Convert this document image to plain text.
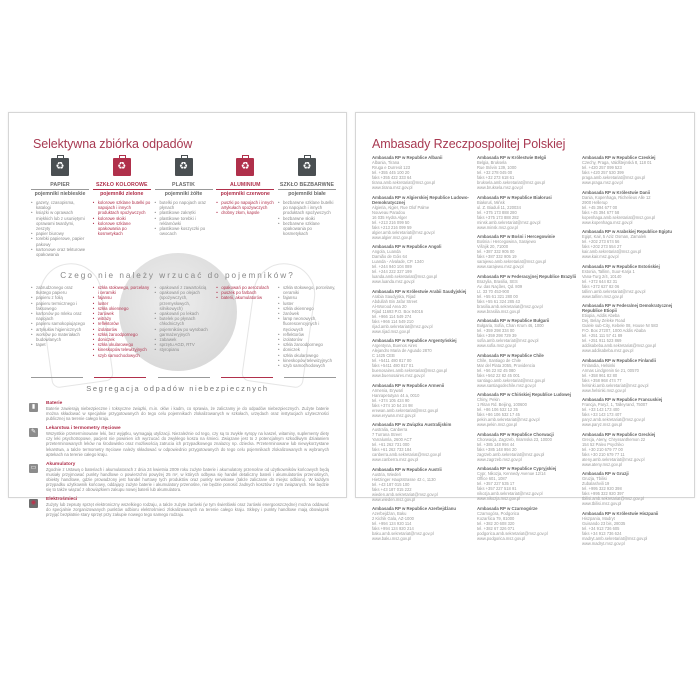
Selektywna zbiórka odpadów
♻
PAPIER
pojemniki niebieskie
• gazety, czasopisma, katalogi
• książki w oprawach miękkich lub z usuniętymi oprawami twardymi, zeszyty
• papier biurowy
• torebki papierowe, papier pakowy
• kartonowe oraz tekturowe opakowania
♻
SZKŁO KOLOROWE
pojemniki zielone
• kolorowe szklane butelki po napojach i innych produktach spożywczych
• kolorowe słoiki
• kolorowe szklane opakowania po kosmetykach
♻
PLASTIK
pojemniki żółte
• butelki po napojach oraz płynach
• plastikowe zakrętki
• plastikowe torebki i reklamówki
• plastikowe koszyczki po owocach
♻
ALUMINIUM
pojemniki czerwone
• puszki po napojach i innych artykułach spożywczych
• drobny złom, kapsle
♻
SZKŁO BEZBARWNE
pojemniki białe
• bezbarwne szklane butelki po napojach i innych produktach spożywczych
• bezbarwne słoiki
• bezbarwne szklane opakowania po kosmetykach
Czego nie należy wrzucać do pojemników?
• zabrudzonego oraz tłustego papieru
• papieru z folią
• papieru termicznego i faksowego
• kartonów po mleku oraz napojach
• papieru samokopiującego
• artykułów higienicznych
• worków po materiałach budowlanych
• tapet
• szkła stołowego, porcelany i ceramiki
• fajansu
• luster
• szkła okiennego
• żarówek
• witraży
• reflektorów
• izolatorów
• szkła żaroodpornego
• doniczek
• szkła okularowego
• kineskopów telewizyjnych
• szyb samochodowych
• opakowań z zawartością
• opakowań po olejach (spożywczych, przemysłowych, silnikowych)
• opakowań po lekach
• butelek po płynach chłodniczych
• pojemników po wyrobach garmażeryjnych
• zabawek
• sprzętu AGD, RTV
• styropianu
• opakowań po aerozolach
• puszek po farbach
• baterii, akumulatorów
• szkła stołowego, porcelany, ceramiki
• fajansu
• luster
• szkła okiennego
• żarówek
• lamp neonowych, fluorescencyjnych i rtęciowych
• reflektorów
• izolatorów
• szkła żaroodpornego
• doniczek
• szkła okularowego
• kineskopów telewizyjnych
• szyb samochodowych
Segregacja odpadów niebezpiecznych
▮
Baterie
Baterie zawierają niebezpieczne i toksyczne związki, m.in. ołów i kadm, co sprawia, że zaliczamy je do odpadów niebezpiecznych. Zużyte baterie można składować w specjalnie przygotowanych do tego celu pojemnikach zlokalizowanych w szkołach, urzędach oraz instytucjach użyteczności publicznej na terenie całego kraju.
✎
Lekarstwa i termometry rtęciowe
Wszystkie przeterminowane leki, bez wyjątku, wymagają utylizacji. Niezależnie od tego, czy są to zwykłe syropy na kaszel, witaminy, suplementy diety czy leki psychotropowe, pacjent nie powinien ich wyrzucać do zwykłego kosza na śmieci. Związane jest to z potencjalnym szkodliwym działaniem przeterminowanych leków na środowisko oraz możliwością zatrucia ich przypadkowego znalazcy np. dziecka. Przeterminowane lub niewykorzystane lekarstwa, a także termometry rtęciowe należy składować w odpowiednio przygotowanych do tego celu pojemnikach zlokalizowanych w wybranych aptekach na terenie całego kraju.
▭
Akumulatory
Zgodnie z Ustawą o bateriach i akumulatorach z dnia 24 kwietnia 2009 roku zużyte baterie i akumulatory przenośne od użytkowników końcowych będą musiały przyjmować punkty handlowe o powierzchni powyżej 25 m², w których odbywa się handel detaliczny baterii i akumulatorów przenośnych, obiekty handlowe, gdzie prowadzony jest handel hurtowy tych produktów oraz punkty serwisowe (także zaliczane do miejsc odbioru). W każdym przypadku użytkownik końcowy, oddający zużyte baterie i akumulatory przenośne, nie będzie ponosić żadnych kosztów z tym związanych. Nie będzie się to także wiązać z obowiązkiem zakupu nowej baterii lub akumulatora.
◉
Elektrośmieci
Zużyty lub zepsuty sprzęt elektroniczny wszelkiego rodzaju, a także zużyte żarówki (w tym świetlówki oraz żarówki energooszczędne) można oddawać do specjalnie zorganizowanych punktów odbioru elektrośmieci zlokalizowanych na terenie całego kraju. Sklepy i punkty handlowe mają obowiązek przyjąć bezpłatnie stary sprzęt przy zakupie nowego tego samego rodzaju.
Ambasady Rzeczpospolitej Polskiej
Ambasada RP w Republice Albanii
Albania, Tirana
Rruga e Durresit 123
tel. +355 445 100 20
faks +355 422 333 64
tirana.amb.sekretariat@msz.gov.pl
www.tirana.msz.gov.pl
Ambasada RP w Algierskiej Republice Ludowo-Demokratycznej
Algieria, Algier, Rue Olof Palme
Nouveau Paradou
16 035 Hydra Alger
tel. +213 216 099 50
faks +213 216 099 59
algier.amb.sekretariat@msz.gov.pl
www.algier.msz.gov.pl
Ambasada RP w Republice Angoli
Angola, Luanda
Damião de Góis 64
Luanda - Alvalade, CP. 1340
tel. +244 940 104 089
tel. +244 222 327 199
luanda.amb.sekretariat@msz.gov.pl
www.luanda.msz.gov.pl
Ambasada RP w Królestwie Arabii Saudyjskiej
Arabia Saudyjska, Rijad
Abdullah Bin Jafar Street
Al-Worood Area 20
Rijad 11693 P.O. Box 94016
tel. +966 114 549 274
faks +966 114 549 210
rijad.amb.sekretariat@msz.gov.pl
www.rijad.msz.gov.pl
Ambasada RP w Republice Argentyńskiej
Argentyna, Buenos Aires
Alejandro Maria de Aguado 2870
C 1425 CEB
tel. +5411 480 817 00
faks +5411 480 817 01
buenosaires.amb.sekretariat@msz.gov.pl
www.buenosaires.msz.gov.pl
Ambasada RP w Republice Armenii
Armenia, Erywań
Hanrapetutyan 44 a, 0010
tel. +374 105 424 90
faks +374 10 54 24 98
erewan.amb.sekretariat@msz.gov.pl
www.erywan.msz.gov.pl
Ambasada RP w Związku Australijskim
Australia, Canberra
7 Turrana Street
Yarralumla, 2600 ACT
tel. +61 262 731 000
faks +61 262 733 184
canberra.amb.sekretariat@msz.gov.pl
www.canberra.msz.gov.pl
Ambasada RP w Republice Austrii
Austria, Wiedeń
Hietzinger Hauptstrasse 42 c, 1130
tel. +43 187 015 100
faks +43 187 015 222
wieden.amb.sekretariat@msz.gov.pl
www.wieden.msz.gov.pl
Ambasada RP w Republice Azerbejdżanu
Azerbejdżan, Baku
2 Kichik Gala, AZ-1000
tel. +994 124 920 114
faks +994 124 920 214
baku.amb.sekretariat@msz.gov.pl
www.baku.msz.gov.pl
Ambasada RP w Królestwie Belgii
Belgia, Bruksela
Rue Stévin 139, 1000
tel. +32 278 045 00
faks +32 273 618 61
bruksela.amb.sekretariat@msz.gov.pl
www.bruksela.msz.gov.pl
Ambasada RP w Republice Białorusi
Białoruś, Mińsk
ul. Z. Biaduli 11, 220034
tel. +375 173 888 280
faks +375 173 888 282
minsk.amb.sekretariat@msz.gov.pl
www.minsk.msz.gov.pl
Ambasada RP w Bośni i Hercegowinie
Bośnia i Hercegowina, Sarajewo
Višnjik 20, 71000
tel. +387 332 905 00
faks +387 332 905 19
sarajewo.amb.sekretariat@msz.gov.pl
www.sarajewo.msz.gov.pl
Ambasada RP w Federacyjnej Republice Brazylii
Brazylia, Brasilia, SES
Av. das Nações, Qd. 809
Lt. 33 70 453-900
tel. +55 61 321 280 00
faks +55 61 324 285 43
brasilia.amb.sekretariat@msz.gov.pl
www.brasilia.msz.gov.pl
Ambasada RP w Republice Bułgarii
Bułgaria, Sofia, Chan Krum 46, 1000
tel. +359 298 334 00
faks +359 298 729 39
sofia.amb.sekretariat@msz.gov.pl
www.sofia.msz.gov.pl
Ambasada RP w Republice Chile
Chile, Santiago de Chile
Mar del Plata 2055, Providencia
tel. +56 22 82 45 080
faks +562 22 82 45 001
santiago.amb.sekretariat@msz.gov.pl
www.santiagodechile.msz.gov.pl
Ambasada RP w Chińskiej Republice Ludowej
Chiny, Pekin
1 Ritan Rd. Beijing, 100600
tel. +86 106 532 12 35
faks +86 106 532 17 45
pekin.amb.sekretariat@msz.gov.pl
www.pekin.msz.gov.pl
Ambasada RP w Republice Chorwacji
Chorwacja, Zagrzeb, Ilirarnska 23, 10000
tel. +385 148 994 44
faks +385 148 994 20
zagrzeb.amb.sekretariat@msz.gov.pl
www.zagrzeb.msz.gov.pl
Ambasada RP w Republice Cypryjskiej
Cypr, Nikozja, Kennedy Avenue 12/14
Office 601, 1087
tel. +357 227 535 17
faks +357 227 518 91
nikozja.amb.sekretariat@msz.gov.pl
www.nikozja.msz.gov.pl
Ambasada RP w Czarnogórze
Czarnogóra, Podgorica
Kozaršica 79, 81000
tel. +382 20 608 320
tel. +382 67 326 071
podgorica.amb.sekretariat@msz.gov.pl
www.podgorica.msz.gov.pl
Ambasada RP w Republice Czeskiej
Czechy, Praga, Valdštejnská 8, 118 01
tel. +420 257 099 523
faks +420 257 530 399
praga.amb.sekretariat@msz.gov.pl
www.praga.msz.gov.pl
Ambasada RP w Królestwie Danii
Dania, Kopenhaga, Richelieus Alle 12
2900 Hellerup
tel. +45 394 677 00
faks +45 394 677 58
kopenhaga.amb.sekretariat@msz.gov.pl
www.kopenhaga.msz.gov.pl
Ambasada RP w Arabskiej Republice Egiptu
Egipt, Kair, 5 Aziz Osman, Zamalek
tel. +202 273 674 56
faks +202 273 554 27
kair.amb.sekretariat@msz.gov.pl
www.kair.msz.gov.pl
Ambasada RP w Republice Estońskiej
Estonia, Tallinn, Suur-Karja 1
Vana-Turg 2/4, 10140
tel. +372 644 82 31
faks +372 627 82 06
tallinn.amb.sekretariat@msz.gov.pl
www.tallinn.msz.gov.pl
Ambasada RP w Federalnej Demokratycznej Republice Etiopii
Etiopia, Addis Abeba
Dej. Belay Zeleke Road
Gulele sub-City, Kebele 08, House Nr 583
P.O. Box 27207, 1000 Addis Ababa
tel. +251 111 57 41 89
tel. +251 911 523 869
addisabeba.amb.sekretariat@msz.gov.pl
www.addisabeba.msz.gov.pl
Ambasada RP w Republice Finlandii
Finlandia, Helsinki
Armas Lindgrenin tie 21, 00570
tel. +358 961 82 80
faks +358 968 474 77
helsinki.amb.sekretariat@msz.gov.pl
www.helsinki.msz.gov.pl
Ambasada RP w Republice Francuskiej
Francja, Paryż, 1, Talleyrand, 75007
tel. +33 143 173 400
faks +33 143 173 407
paryz.amb.sekretariat@msz.gov.pl
www.paryz.msz.gov.pl
Ambasada RP w Republice Greckiej
Grecja, Ateny, Chryssanthemon 22
154 52 Paleo Psychiko
tel. +30 210 679 77 00
faks +30 210 679 77 11
ateny.amb.sekretariat@msz.gov.pl
www.ateny.msz.gov.pl
Ambasada RP w Gruzji
Gruzja, Tbilisi
Zubalashvili 19
tel. +995 322 920 398
faks +995 322 920 397
tbilisi.amb.sekretariat@msz.gov.pl
www.tbilisi.msz.gov.pl
Ambasada RP w Królestwie Hiszpanii
Hiszpania, Madryt
Guisando 23 bis, 28035
tel. +34 913 736 605
faks +34 913 736 624
madryt.amb.sekretariat@msz.gov.pl
www.madryt.msz.gov.pl
